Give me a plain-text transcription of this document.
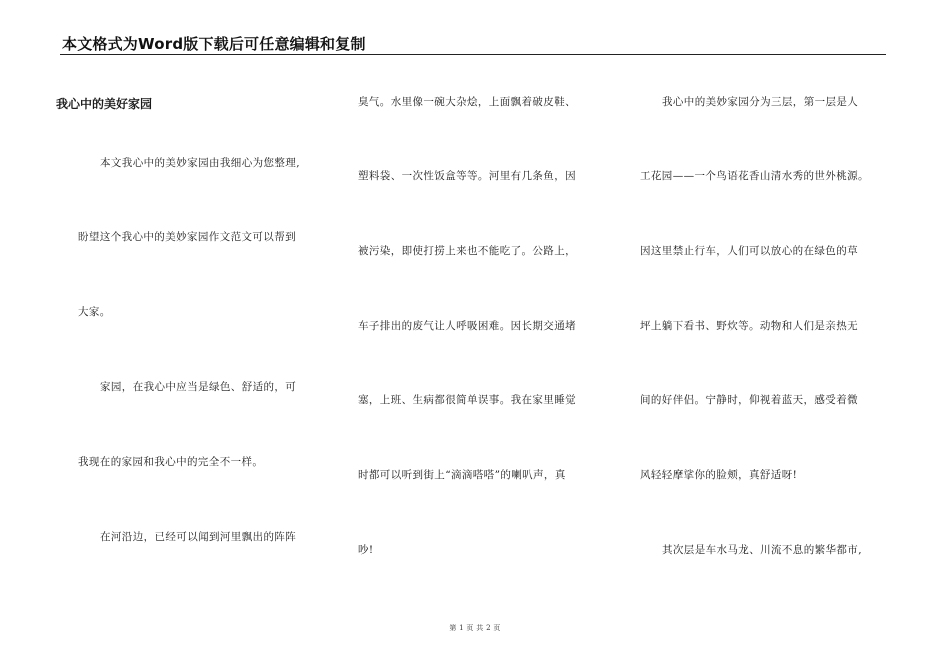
本文格式为Word版下载后可任意编辑和复制
我心中的美好家园
本文我心中的美妙家园由我细心为您整理,
盼望这个我心中的美妙家园作文范文可以帮到
大家。
家园，在我心中应当是绿色、舒适的，可
我现在的家园和我心中的完全不一样。
在河沿边，已经可以闻到河里飘出的阵阵
臭气。水里像一碗大杂烩，上面飘着破皮鞋、
塑料袋、一次性饭盒等等。河里有几条鱼，因
被污染，即使打捞上来也不能吃了。公路上，
车子排出的废气让人呼吸困难。因长期交通堵
塞，上班、生病都很简单误事。我在家里睡觉
时都可以听到街上“滴滴嗒嗒”的喇叭声，真
吵!
我心中的美妙家园分为三层，第一层是人
工花园——一个鸟语花香山清水秀的世外桃源。
因这里禁止行车，人们可以放心的在绿色的草
坪上躺下看书、野炊等。动物和人们是亲热无
间的好伴侣。宁静时，仰视着蓝天，感受着微
风轻轻摩挲你的脸颊，真舒适呀!
其次层是车水马龙、川流不息的繁华都市,
第 1 页 共 2 页
